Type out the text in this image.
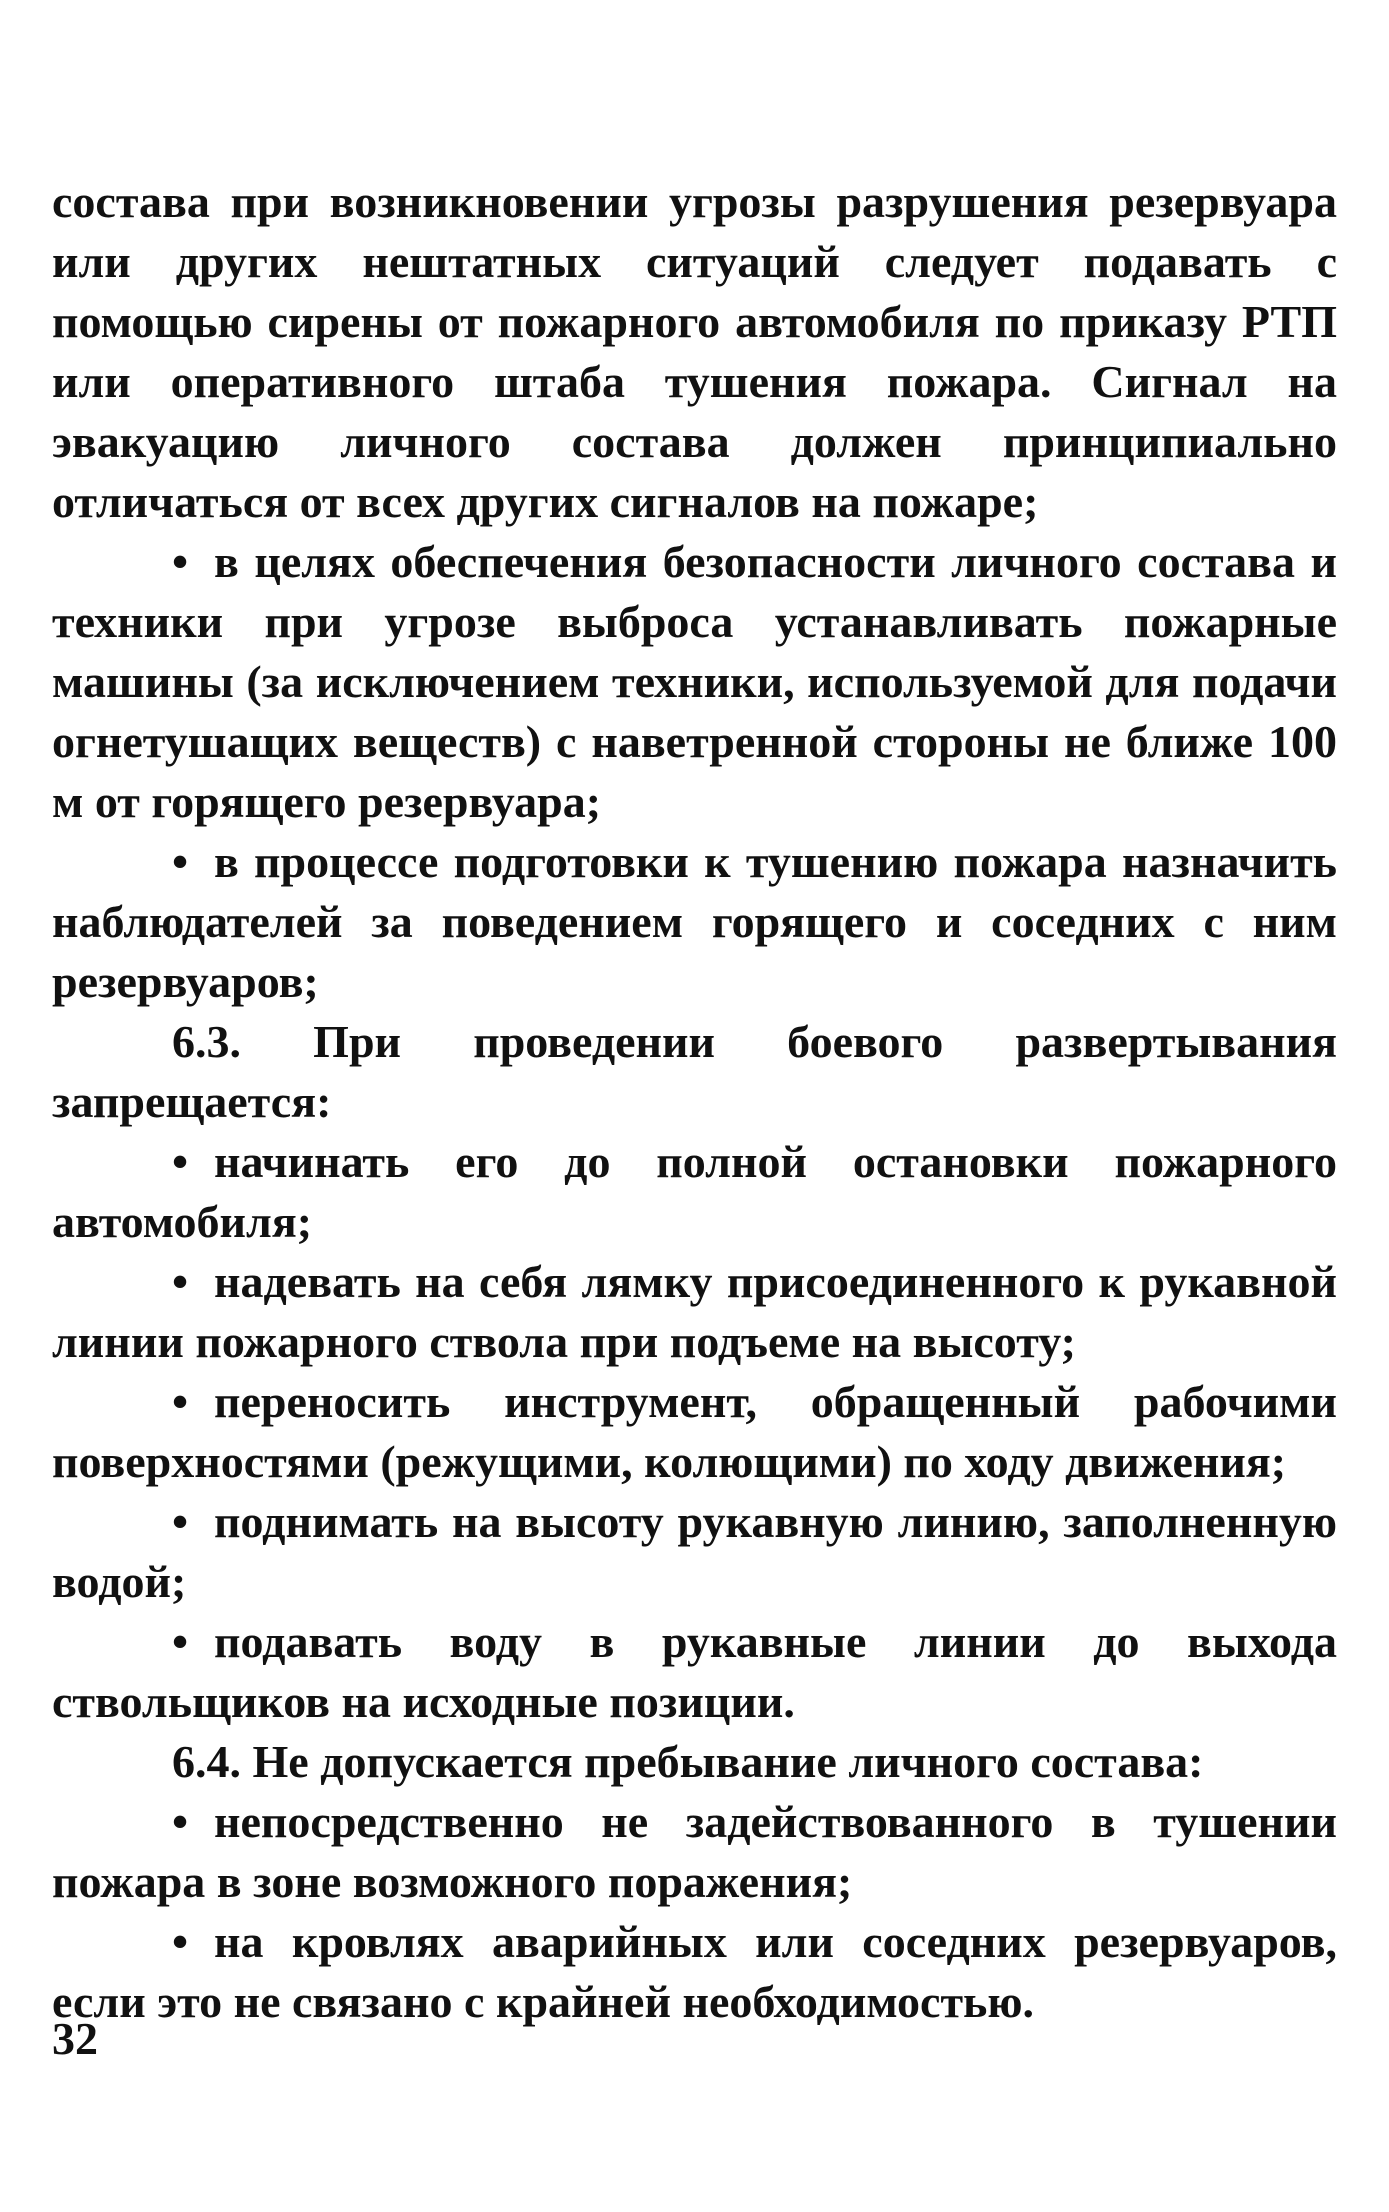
состава при возникновении угрозы разрушения резервуара или других нештатных ситуаций следует подавать с помощью сирены от пожарного автомобиля по приказу РТП или оперативного штаба тушения пожара. Сигнал на эвакуацию личного состава должен принципиально отличаться от всех других сигналов на пожаре;

• в целях обеспечения безопасности личного состава и техники при угрозе выброса устанавливать пожарные машины (за исключением техники, используемой для подачи огнетушащих веществ) с наветренной стороны не ближе 100 м от горящего резервуара;

• в процессе подготовки к тушению пожара назначить наблюдателей за поведением горящего и соседних с ним резервуаров;

6.3. При проведении боевого развертывания запрещается:

• начинать его до полной остановки пожарного автомобиля;

• надевать на себя лямку присоединенного к рукавной линии пожарного ствола при подъеме на высоту;

• переносить инструмент, обращенный рабочими поверхностями (режущими, колющими) по ходу движения;

• поднимать на высоту рукавную линию, заполненную водой;

• подавать воду в рукавные линии до выхода ствольщиков на исходные позиции.

6.4. Не допускается пребывание личного состава:

• непосредственно не задействованного в тушении пожара в зоне возможного поражения;

• на кровлях аварийных или соседних резервуаров, если это не связано с крайней необходимостью.

32
